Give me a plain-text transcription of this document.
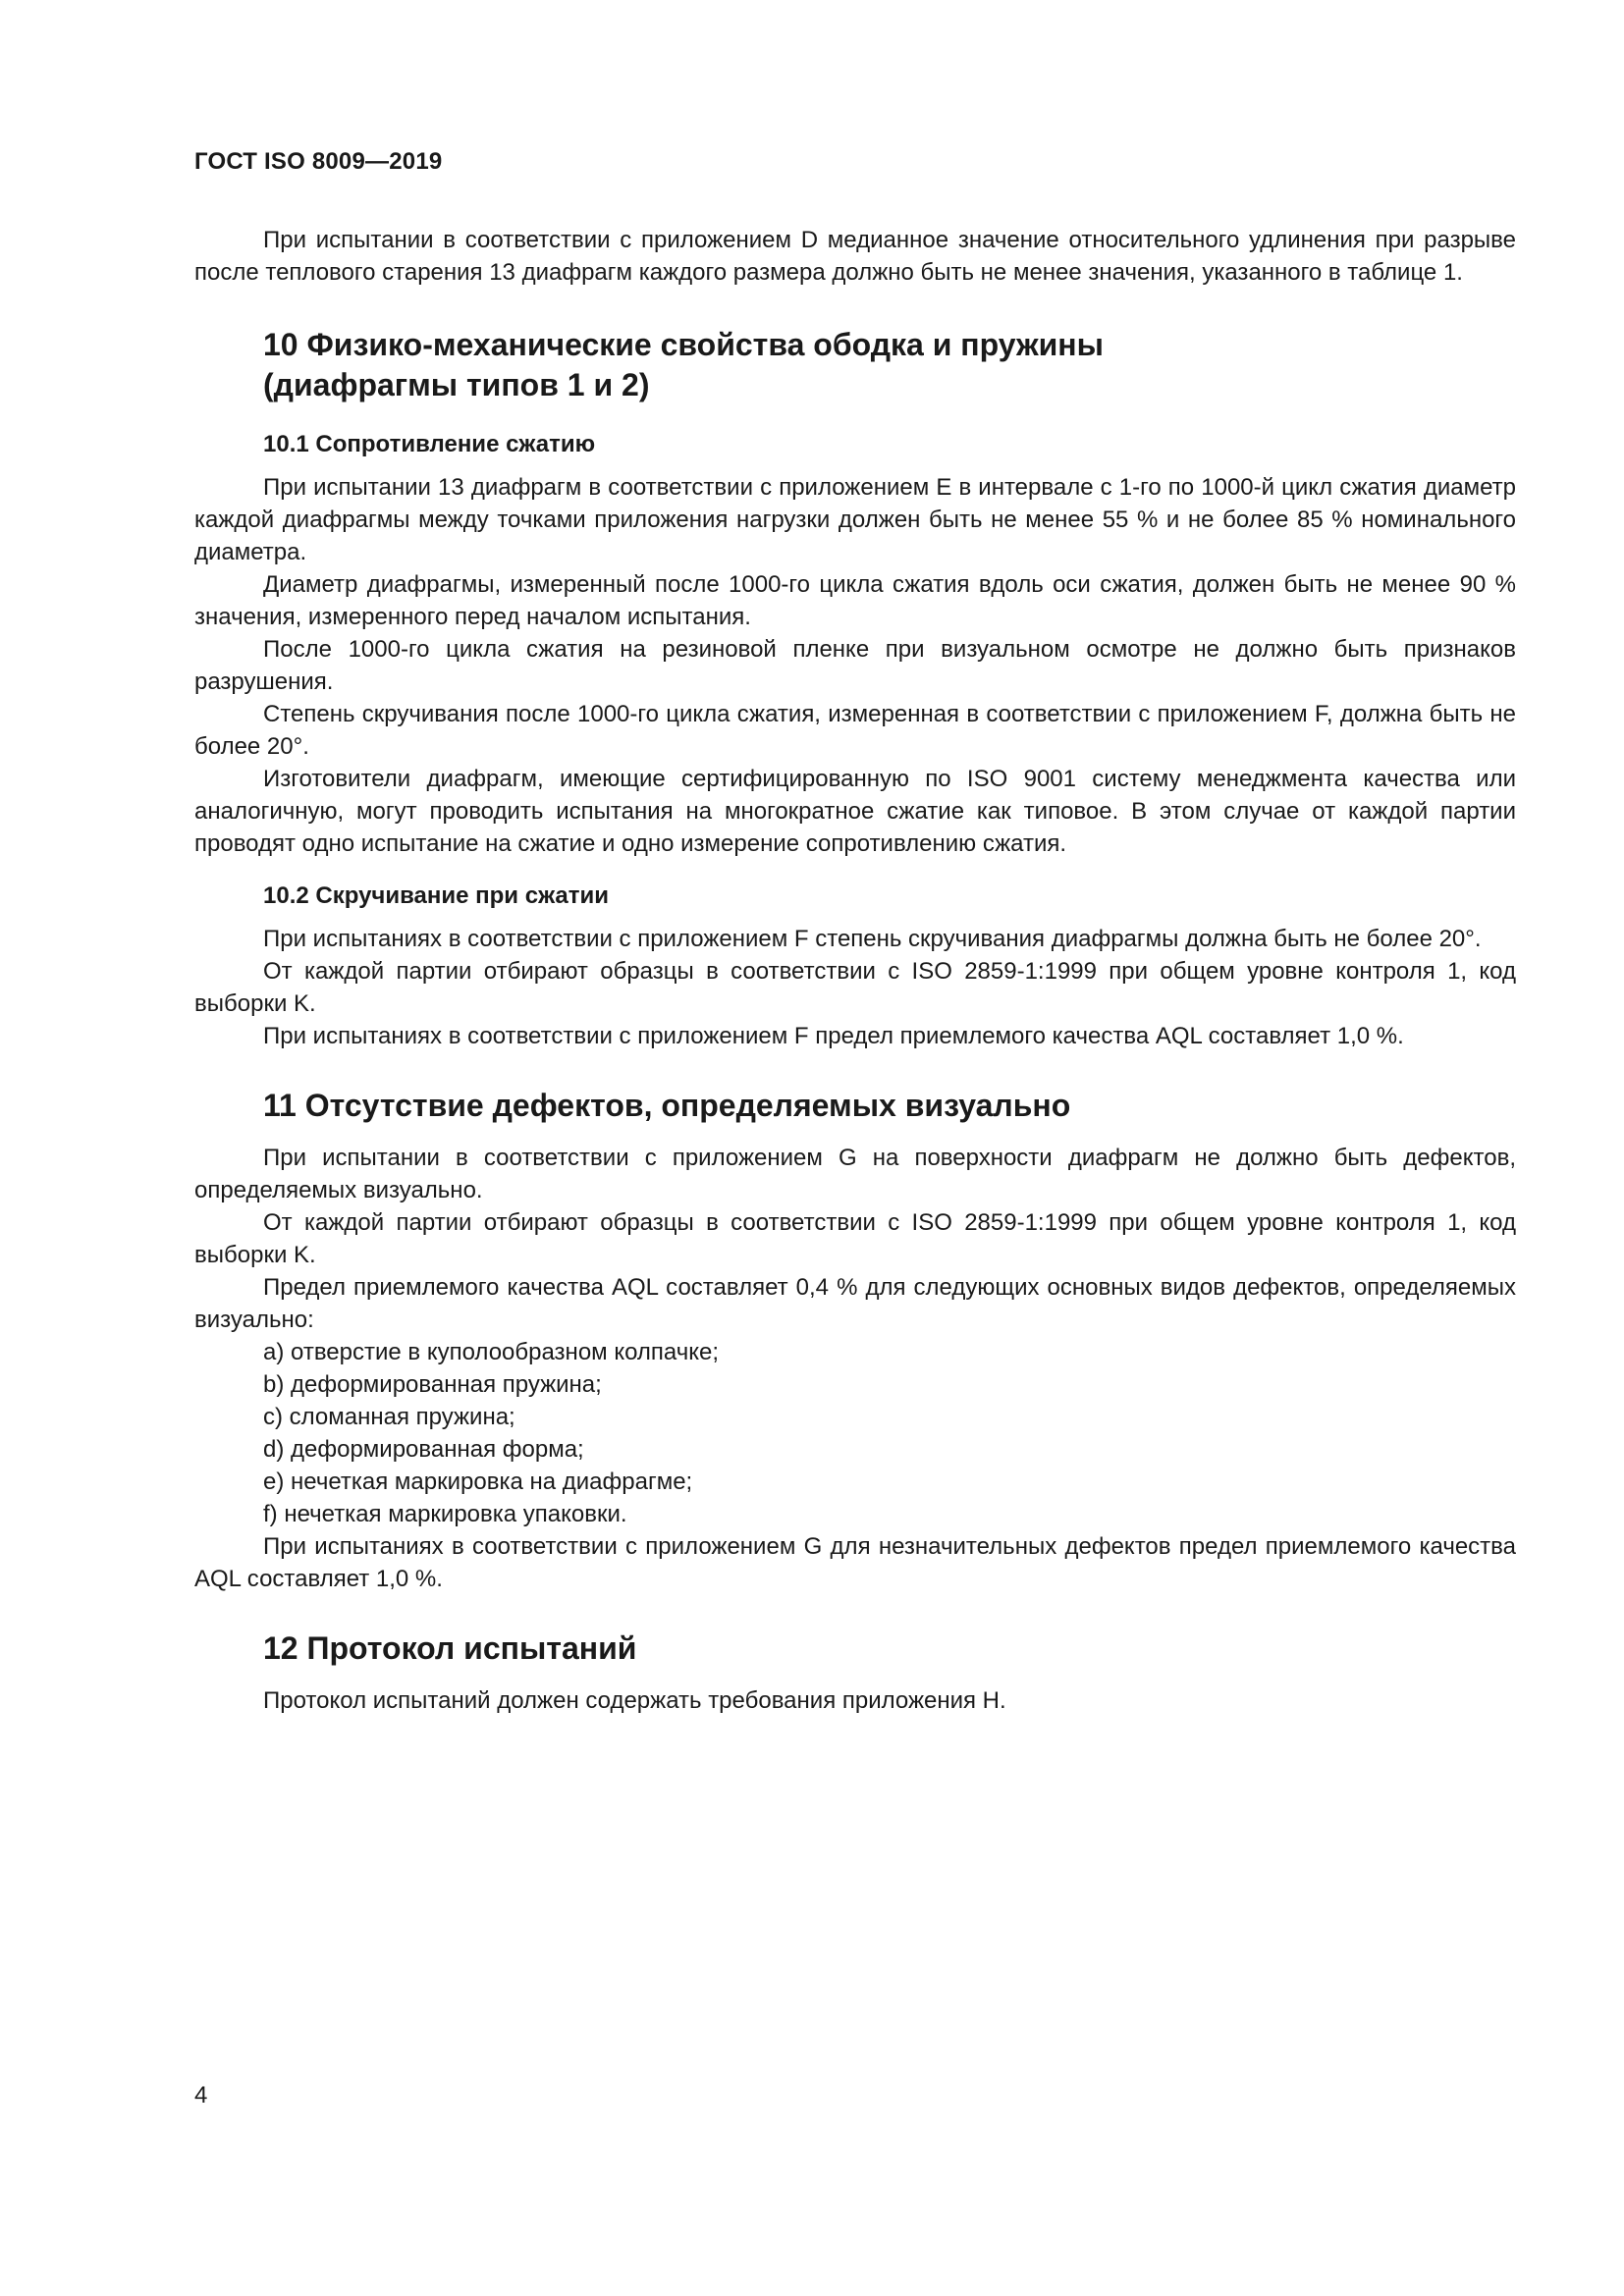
ГОСТ ISO 8009—2019

При испытании в соответствии с приложением D медианное значение относительного удлинения при разрыве после теплового старения 13 диафрагм каждого размера должно быть не менее значения, указанного в таблице 1.

10 Физико-механические свойства ободка и пружины
(диафрагмы типов 1 и 2)
10.1 Сопротивление сжатию

При испытании 13 диафрагм в соответствии с приложением E в интервале с 1-го по 1000-й цикл сжатия диаметр каждой диафрагмы между точками приложения нагрузки должен быть не менее 55 % и не более 85 % номинального диаметра.

Диаметр диафрагмы, измеренный после 1000-го цикла сжатия вдоль оси сжатия, должен быть не менее 90 % значения, измеренного перед началом испытания.

После 1000-го цикла сжатия на резиновой пленке при визуальном осмотре не должно быть признаков разрушения.

Степень скручивания после 1000-го цикла сжатия, измеренная в соответствии с приложением F, должна быть не более 20°.

Изготовители диафрагм, имеющие сертифицированную по ISO 9001 систему менеджмента качества или аналогичную, могут проводить испытания на многократное сжатие как типовое. В этом случае от каждой партии проводят одно испытание на сжатие и одно измерение сопротивлению сжатия.

10.2 Скручивание при сжатии

При испытаниях в соответствии с приложением F степень скручивания диафрагмы должна быть не более 20°.

От каждой партии отбирают образцы в соответствии с ISO 2859-1:1999 при общем уровне контроля 1, код выборки K.

При испытаниях в соответствии с приложением F предел приемлемого качества AQL составляет 1,0 %.

11 Отсутствие дефектов, определяемых визуально

При испытании в соответствии с приложением G на поверхности диафрагм не должно быть дефектов, определяемых визуально.

От каждой партии отбирают образцы в соответствии с ISO 2859-1:1999 при общем уровне контроля 1, код выборки K.

Предел приемлемого качества AQL составляет 0,4 % для следующих основных видов дефектов, определяемых визуально:

a) отверстие в куполообразном колпачке;
b) деформированная пружина;
c) сломанная пружина;
d) деформированная форма;
e) нечеткая маркировка на диафрагме;
f) нечеткая маркировка упаковки.

При испытаниях в соответствии с приложением G для незначительных дефектов предел приемлемого качества AQL составляет 1,0 %.

12 Протокол испытаний

Протокол испытаний должен содержать требования приложения H.

4
